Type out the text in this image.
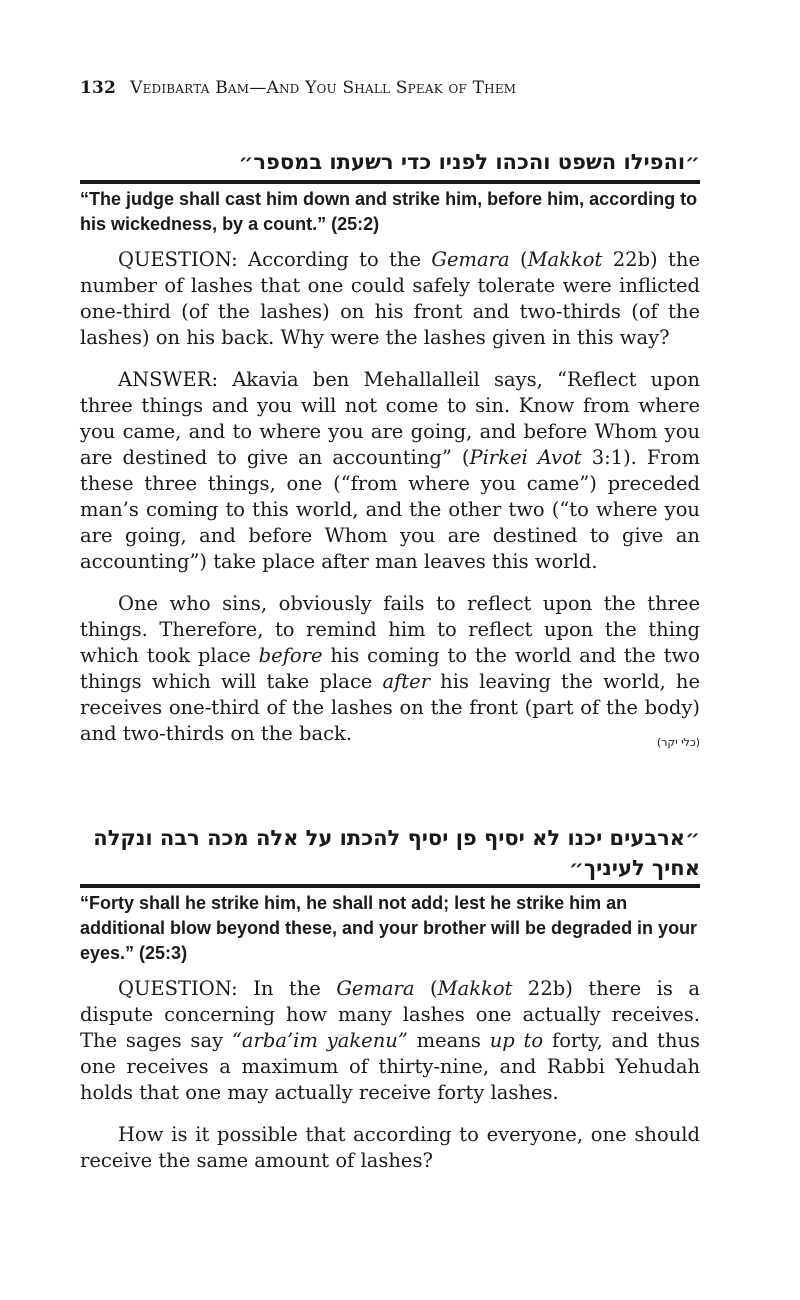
132 Vedibarta Bam—And You Shall Speak of Them
״והפילו השפט והכהו לפניו כדי רשעתו במספר״
“The judge shall cast him down and strike him, before him, according to his wickedness, by a count.” (25:2)

QUESTION: According to the Gemara (Makkot 22b) the number of lashes that one could safely tolerate were inflicted one-third (of the lashes) on his front and two-thirds (of the lashes) on his back. Why were the lashes given in this way?

ANSWER: Akavia ben Mehallalleil says, “Reflect upon three things and you will not come to sin. Know from where you came, and to where you are going, and before Whom you are destined to give an accounting” (Pirkei Avot 3:1). From these three things, one (“from where you came”) preceded man’s coming to this world, and the other two (“to where you are going, and before Whom you are destined to give an accounting”) take place after man leaves this world.

One who sins, obviously fails to reflect upon the three things. Therefore, to remind him to reflect upon the thing which took place before his coming to the world and the two things which will take place after his leaving the world, he receives one-third of the lashes on the front (part of the body) and two-thirds on the back.	(כלי יקר)
״ארבעים יכנו לא יסיף פן יסיף להכתו על אלה מכה רבה ונקלה אחיך לעיניך״
“Forty shall he strike him, he shall not add; lest he strike him an additional blow beyond these, and your brother will be degraded in your eyes.” (25:3)

QUESTION: In the Gemara (Makkot 22b) there is a dispute concerning how many lashes one actually receives. The sages say “arba’im yakenu” means up to forty, and thus one receives a maximum of thirty-nine, and Rabbi Yehudah holds that one may actually receive forty lashes.

How is it possible that according to everyone, one should receive the same amount of lashes?
